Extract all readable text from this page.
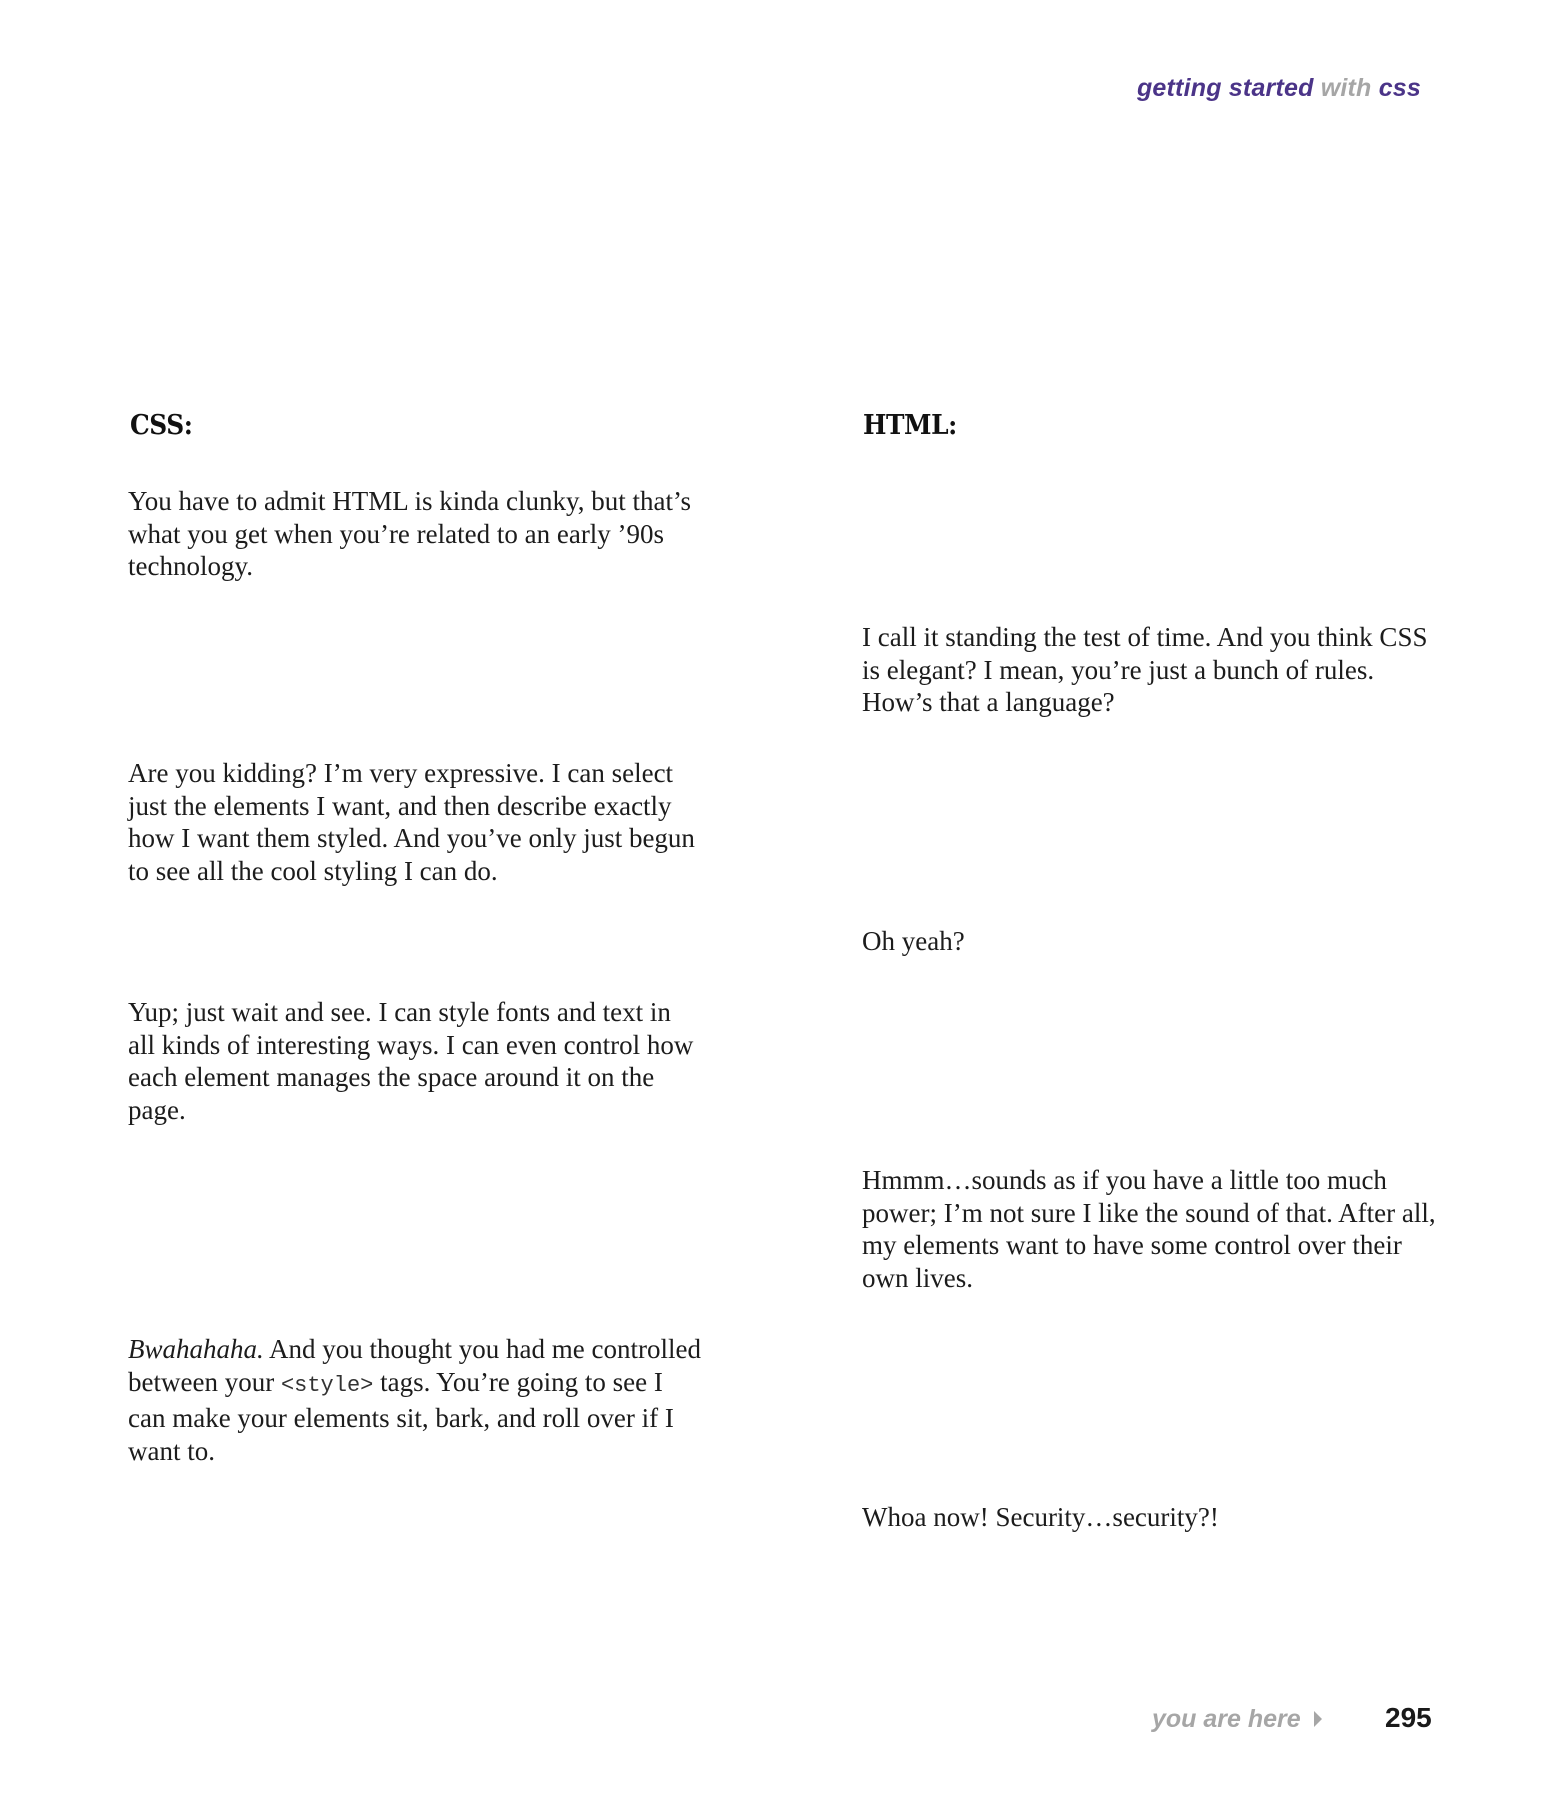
getting started with css
CSS:	HTML:

You have to admit HTML is kinda clunky, but that’s what you get when you’re related to an early ’90s technology.

I call it standing the test of time. And you think CSS is elegant? I mean, you’re just a bunch of rules. How’s that a language?

Are you kidding? I’m very expressive. I can select just the elements I want, and then describe exactly how I want them styled. And you’ve only just begun to see all the cool styling I can do.

Oh yeah?

Yup; just wait and see. I can style fonts and text in all kinds of interesting ways. I can even control how each element manages the space around it on the page.

Hmmm…sounds as if you have a little too much power; I’m not sure I like the sound of that. After all, my elements want to have some control over their own lives.

Bwahahaha. And you thought you had me controlled between your <style> tags. You’re going to see I can make your elements sit, bark, and roll over if I want to.

Whoa now! Security…security?!

you are here	295
